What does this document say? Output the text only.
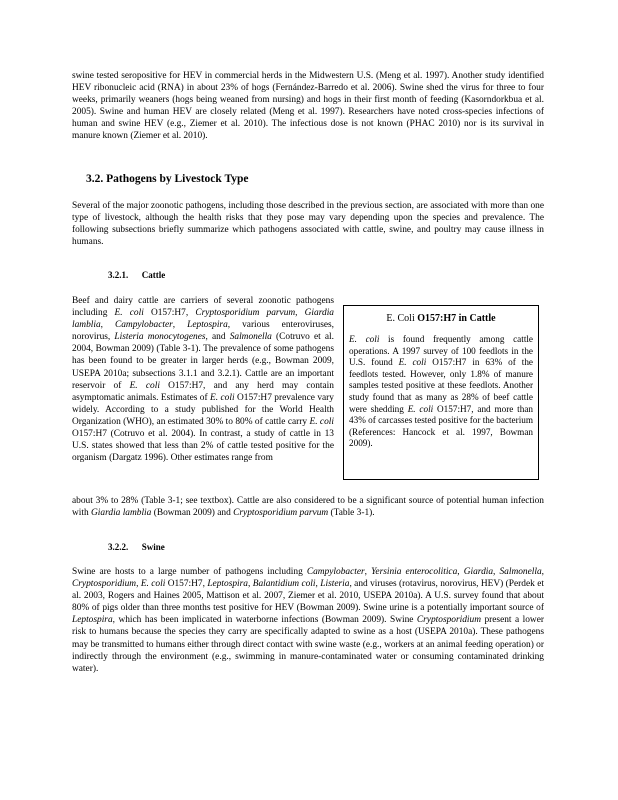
swine tested seropositive for HEV in commercial herds in the Midwestern U.S. (Meng et al. 1997). Another study identified HEV ribonucleic acid (RNA) in about 23% of hogs (Fernández-Barredo et al. 2006). Swine shed the virus for three to four weeks, primarily weaners (hogs being weaned from nursing) and hogs in their first month of feeding (Kasorndorkbua et al. 2005). Swine and human HEV are closely related (Meng et al. 1997). Researchers have noted cross-species infections of human and swine HEV (e.g., Ziemer et al. 2010). The infectious dose is not known (PHAC 2010) nor is its survival in manure known (Ziemer et al. 2010).
3.2. Pathogens by Livestock Type
Several of the major zoonotic pathogens, including those described in the previous section, are associated with more than one type of livestock, although the health risks that they pose may vary depending upon the species and prevalence. The following subsections briefly summarize which pathogens associated with cattle, swine, and poultry may cause illness in humans.
3.2.1.      Cattle
Beef and dairy cattle are carriers of several zoonotic pathogens including E. coli O157:H7, Cryptosporidium parvum, Giardia lamblia, Campylobacter, Leptospira, various enteroviruses, norovirus, Listeria monocytogenes, and Salmonella (Cotruvo et al. 2004, Bowman 2009) (Table 3-1). The prevalence of some pathogens has been found to be greater in larger herds (e.g., Bowman 2009, USEPA 2010a; subsections 3.1.1 and 3.2.1). Cattle are an important reservoir of E. coli O157:H7, and any herd may contain asymptomatic animals. Estimates of E. coli O157:H7 prevalence vary widely. According to a study published for the World Health Organization (WHO), an estimated 30% to 80% of cattle carry E. coli O157:H7 (Cotruvo et al. 2004). In contrast, a study of cattle in 13 U.S. states showed that less than 2% of cattle tested positive for the organism (Dargatz 1996). Other estimates range from
E. Coli O157:H7 in Cattle
E. coli is found frequently among cattle operations. A 1997 survey of 100 feedlots in the U.S. found E. coli O157:H7 in 63% of the feedlots tested. However, only 1.8% of manure samples tested positive at these feedlots. Another study found that as many as 28% of beef cattle were shedding E. coli O157:H7, and more than 43% of carcasses tested positive for the bacterium (References: Hancock et al. 1997, Bowman 2009).
about 3% to 28% (Table 3-1; see textbox). Cattle are also considered to be a significant source of potential human infection with Giardia lamblia (Bowman 2009) and Cryptosporidium parvum (Table 3-1).
3.2.2.      Swine
Swine are hosts to a large number of pathogens including Campylobacter, Yersinia enterocolitica, Giardia, Salmonella, Cryptosporidium, E. coli O157:H7, Leptospira, Balantidium coli, Listeria, and viruses (rotavirus, norovirus, HEV) (Perdek et al. 2003, Rogers and Haines 2005, Mattison et al. 2007, Ziemer et al. 2010, USEPA 2010a). A U.S. survey found that about 80% of pigs older than three months test positive for HEV (Bowman 2009). Swine urine is a potentially important source of Leptospira, which has been implicated in waterborne infections (Bowman 2009). Swine Cryptosporidium present a lower risk to humans because the species they carry are specifically adapted to swine as a host (USEPA 2010a). These pathogens may be transmitted to humans either through direct contact with swine waste (e.g., workers at an animal feeding operation) or indirectly through the environment (e.g., swimming in manure-contaminated water or consuming contaminated drinking water).
